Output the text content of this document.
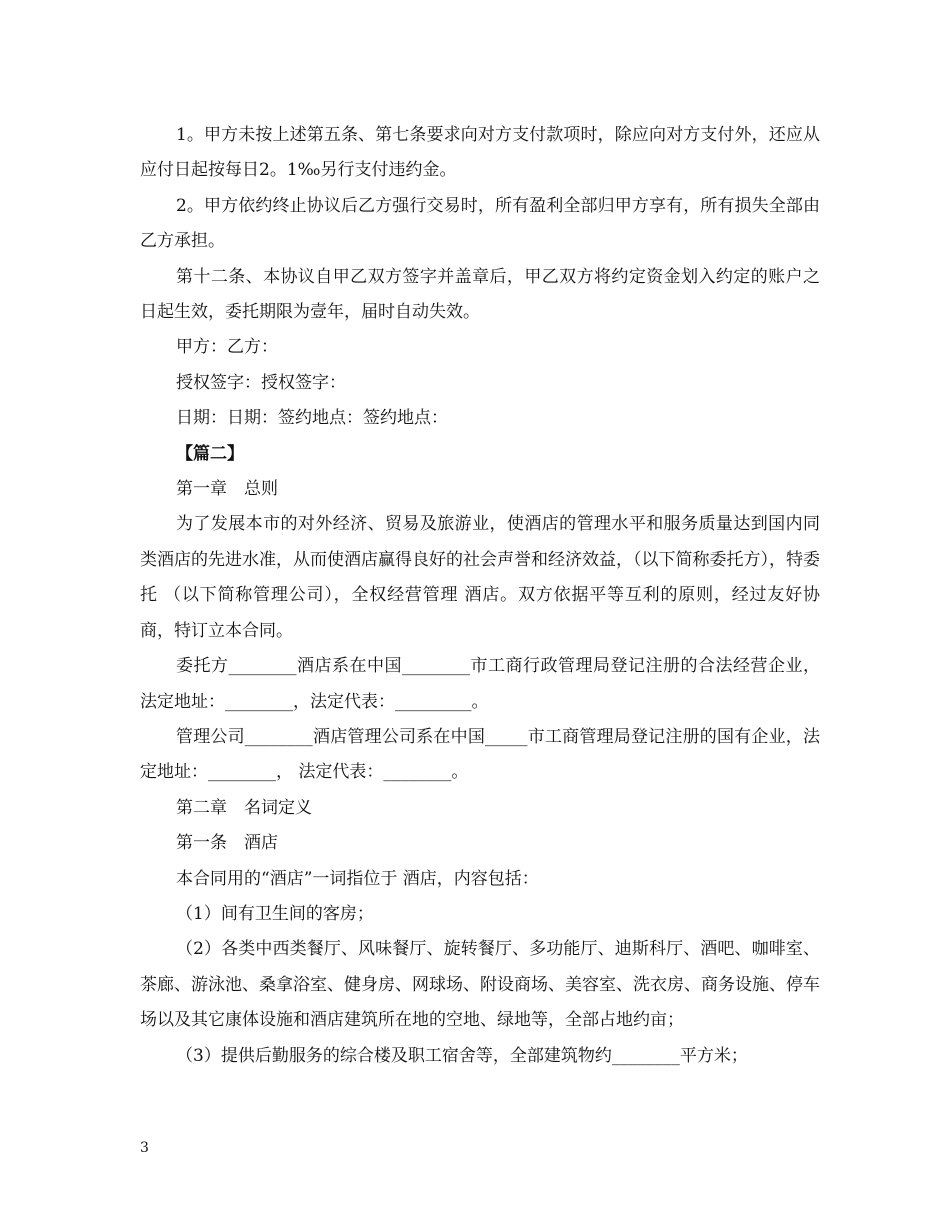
1。甲方未按上述第五条、第七条要求向对方支付款项时，除应向对方支付外，还应从应付日起按每日2。1‰另行支付违约金。

2。甲方依约终止协议后乙方强行交易时，所有盈利全部归甲方享有，所有损失全部由乙方承担。

第十二条、本协议自甲乙双方签字并盖章后，甲乙双方将约定资金划入约定的账户之日起生效，委托期限为壹年，届时自动失效。

甲方：乙方：

授权签字：授权签字：

日期：日期：签约地点：签约地点：

【篇二】

第一章　总则

为了发展本市的对外经济、贸易及旅游业，使酒店的管理水平和服务质量达到国内同类酒店的先进水准，从而使酒店赢得良好的社会声誉和经济效益，（以下简称委托方），特委托 （以下简称管理公司），全权经营管理 酒店。双方依据平等互利的原则，经过友好协商，特订立本合同。

委托方________酒店系在中国________市工商行政管理局登记注册的合法经营企业，法定地址：________，法定代表：_________。

管理公司________酒店管理公司系在中国_____市工商管理局登记注册的国有企业，法定地址：________， 法定代表：________。

第二章　名词定义

第一条　酒店

本合同用的“酒店”一词指位于 酒店，内容包括：

（1）间有卫生间的客房；

（2）各类中西类餐厅、风味餐厅、旋转餐厅、多功能厅、迪斯科厅、酒吧、咖啡室、茶廊、游泳池、桑拿浴室、健身房、网球场、附设商场、美容室、洗衣房、商务设施、停车场以及其它康体设施和酒店建筑所在地的空地、绿地等，全部占地约亩；

（3）提供后勤服务的综合楼及职工宿舍等，全部建筑物约________平方米；

3
